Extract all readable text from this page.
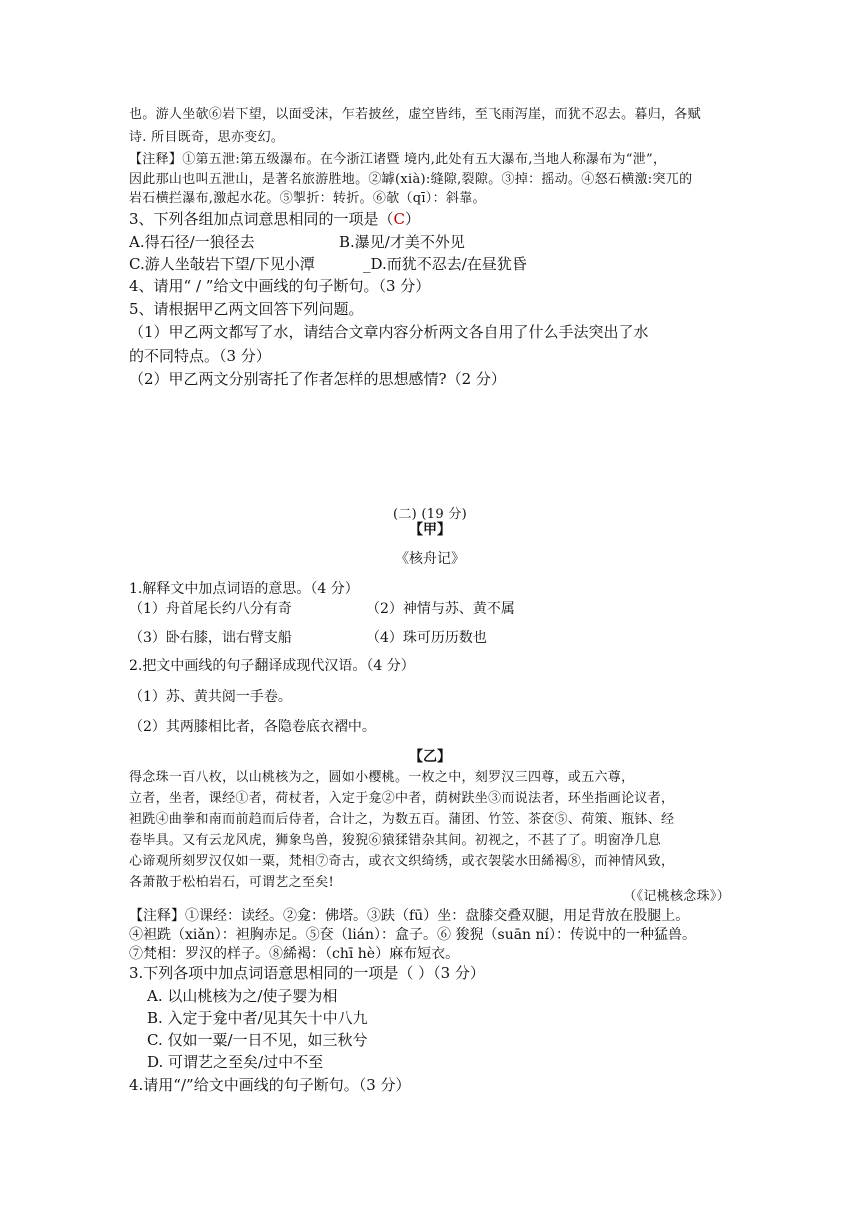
也。游人坐欹⑥岩下望，以面受沫，乍若披丝，虚空皆纬，至飞雨泻崖，而犹不忍去。暮归，各赋
诗. 所目既奇，思亦变幻。
【注释】①第五泄:第五级瀑布。在今浙江诸暨 境内,此处有五大瀑布,当地人称瀑布为“泄”，
因此那山也叫五泄山，是著名旅游胜地。②罅(xià):缝隙,裂隙。③掉：摇动。④怒石横激:突兀的
岩石横拦瀑布,激起水花。⑤掣折：转折。⑥欹（qī）：斜靠。
3、下列各组加点词意思相同的一项是（C）
A.得石径/一狼径去	B.瀑见/才美不外见
C.游人坐敧岩下望/下见小潭	_D.而犹不忍去/在昼犹昏
4、请用“ / ”给文中画线的句子断句。（3 分）
5、请根据甲乙两文回答下列问题。
（1）甲乙两文都写了水，请结合文章内容分析两文各自用了什么手法突出了水
的不同特点。（3 分）
（2）甲乙两文分别寄托了作者怎样的思想感情?（2 分）
(二) (19 分)
【甲】
《核舟记》
1.解释文中加点词语的意思。（4 分）
（1）舟首尾长约八分有奇	（2）神情与苏、黄不属
（3）卧右膝，诎右臂支船	（4）珠可历历数也
2.把文中画线的句子翻译成现代汉语。（4 分）
（1）苏、黄共阅一手卷。
（2）其两膝相比者，各隐卷底衣褶中。
【乙】
得念珠一百八枚，以山桃核为之，圆如小樱桃。一枚之中，刻罗汉三四尊，或五六尊，
立者，坐者，课经①者，荷杖者，入定于龛②中者，荫树趺坐③而说法者，环坐指画论议者，
袒跣④曲拳和南而前趋而后侍者，合计之，为数五百。蒲团、竹笠、茶奁⑤、荷策、瓶钵、经
卷毕具。又有云龙风虎，狮象鸟兽，狻猊⑥猿猱错杂其间。初视之，不甚了了。明窗净几息
心谛观所刻罗汉仅如一粟，梵相⑦奇古，或衣文织绮绣，或衣袈裟水田絺褐⑧，而神情风致，
各萧散于松柏岩石，可谓艺之至矣!
（《记桃核念珠》）
【注释】①课经：读经。②龛：佛塔。③趺（fū）坐：盘膝交叠双腿，用足背放在股腿上。
④袒跣（xiǎn）：袒胸赤足。⑤奁（lián）：盒子。⑥ 狻猊（suān ní）：传说中的一种猛兽。
⑦梵相：罗汉的样子。⑧絺褐：（chī hè）麻布短衣。
3.下列各项中加点词语意思相同的一项是（ ）（3 分）
A. 以山桃核为之/使子婴为相
B. 入定于龛中者/见其矢十中八九
C. 仅如一粟/一日不见，如三秋兮
D. 可谓艺之至矣/过中不至
4.请用“/”给文中画线的句子断句。（3 分）
